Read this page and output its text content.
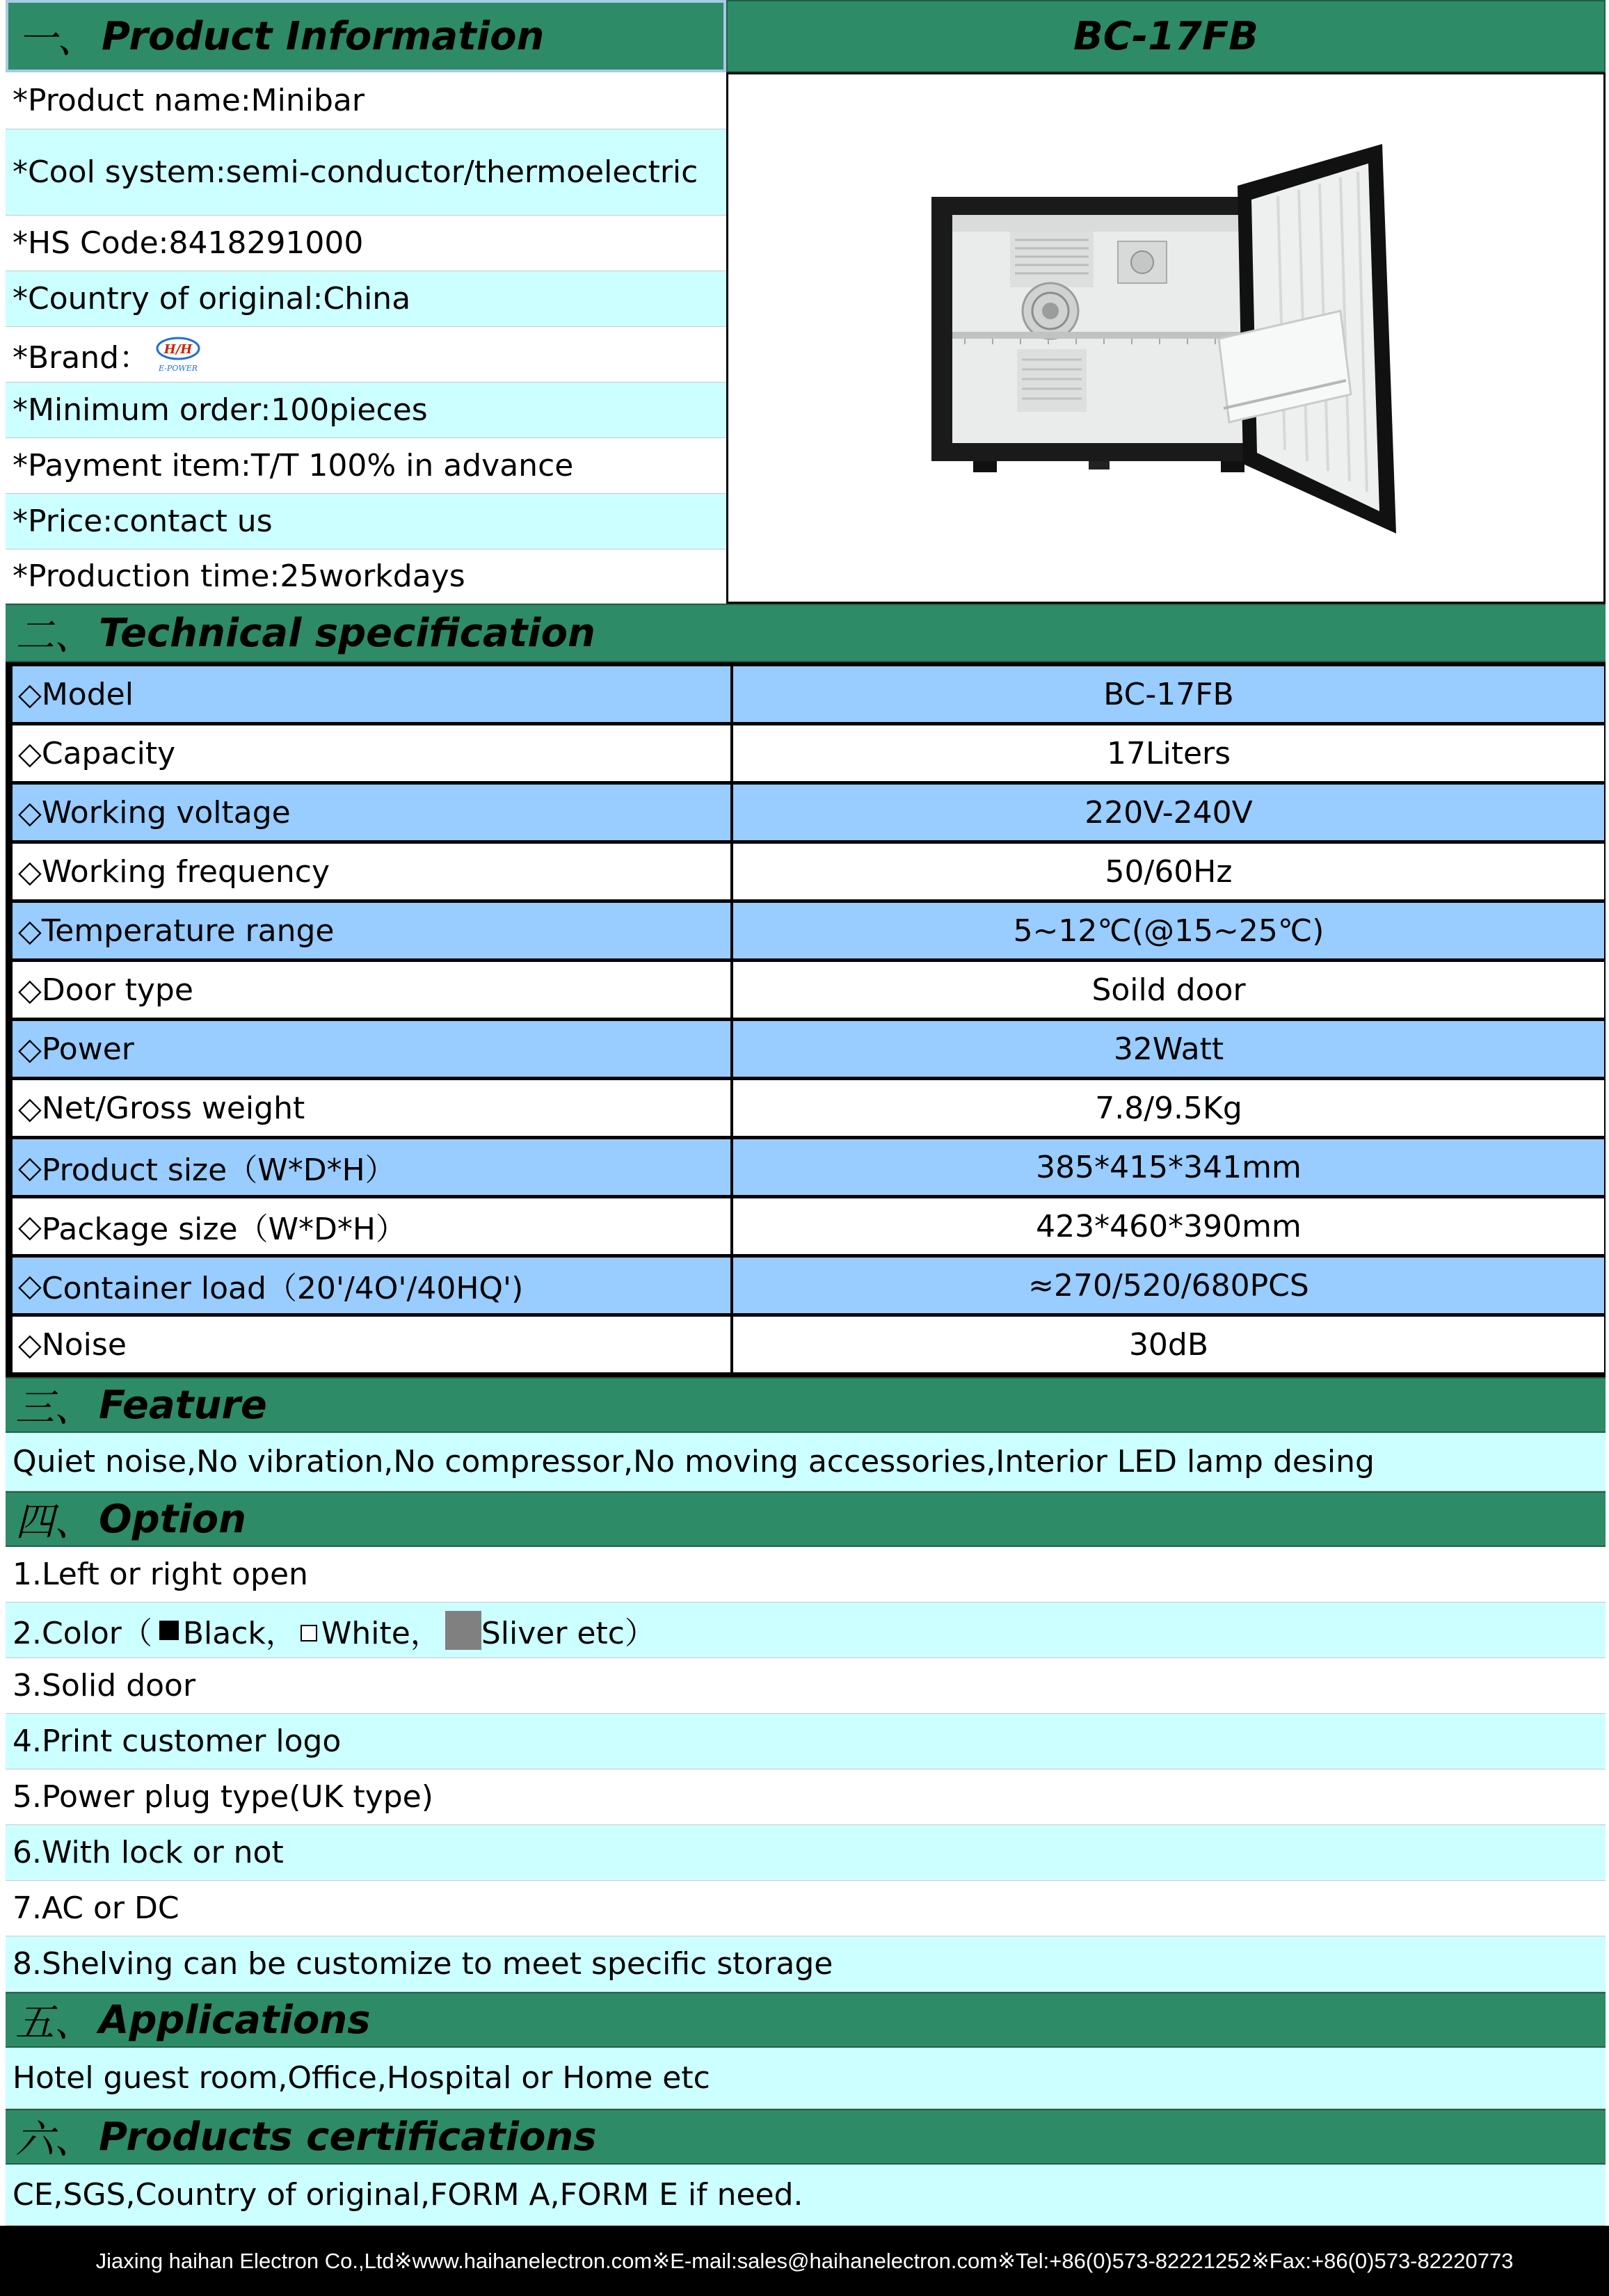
一、 Product Information	BC-17FB
*Product name:Minibar
*Cool system:semi-conductor/thermoelectric
*HS Code:8418291000
*Country of original:China
*Brand： H/H
E-POWER
*Minimum order:100pieces
*Payment item:T/T 100% in advance
*Price:contact us
*Production time:25workdays
二、 Technical specification
◇ Model	BC-17FB
◇ Capacity	17Liters
◇ Working voltage	220V-240V
◇ Working frequency	50/60Hz
◇ Temperature range	5~12℃(@15~25℃)
◇ Door type	Soild door
◇ Power	32Watt
◇ Net/Gross weight	7.8/9.5Kg
◇ Product size（W*D*H）	385*415*341mm
◇ Package size（W*D*H）	423*460*390mm
◇ Container load（20'/4O'/40HQ')	≈270/520/680PCS
◇ Noise	30dB
三、 Feature
Quiet noise,No vibration,No compressor,No moving accessories,Interior LED lamp desing
四、 Option
1.Left or right open
2.Color（ Black， White， Sliver etc）
3.Solid door
4.Print customer logo
5.Power plug type(UK type)
6.With lock or not
7.AC or DC
8.Shelving can be customize to meet specific storage
五、 Applications
Hotel guest room,Office,Hospital or Home etc
六、 Products certifications
CE,SGS,Country of original,FORM A,FORM E if need.
Jiaxing haihan Electron Co.,Ltd※www.haihanelectron.com※E-mail:sales@haihanelectron.com※Tel:+86(0)573-82221252※Fax:+86(0)573-82220773
